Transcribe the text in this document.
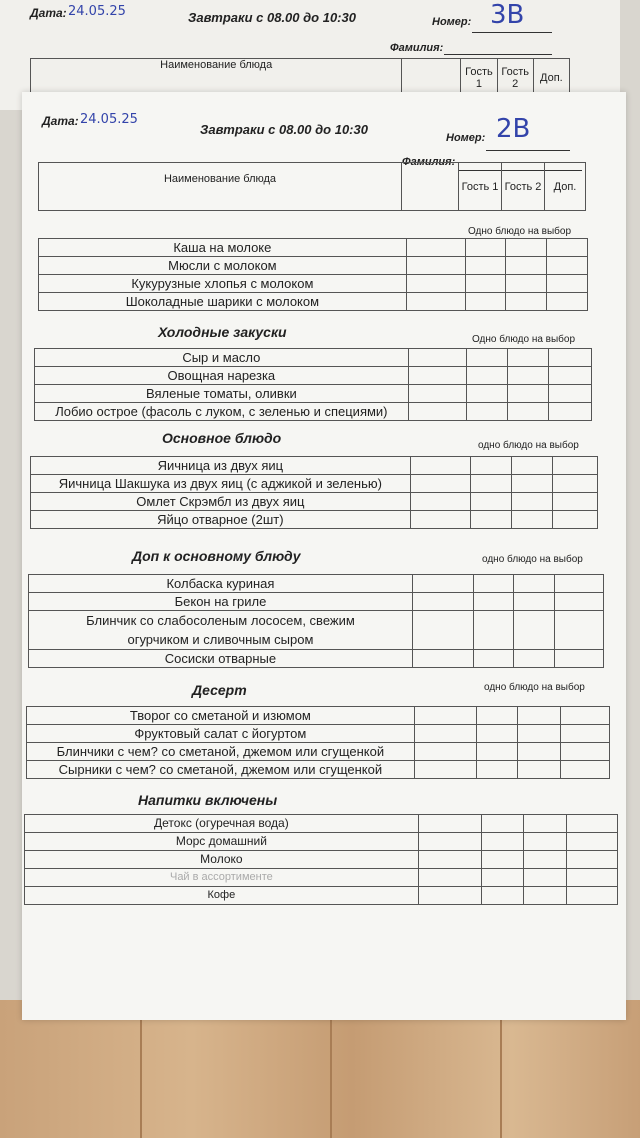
Дата: 24.05.25	Завтраки с 08.00 до 10:30	Номер: 3B
Фамилия:
Наименование блюда		Гость 1	Гость 2	Доп.
Дата: 24.05.25
Завтраки с 08.00 до 10:30
Номер: 2B
Фамилия:
Наименование блюда		Гость 1	Гость 2	Доп.
Одно блюдо на выбор
Каша на молоке				
Мюсли с молоком				
Кукурузные хлопья с молоком				
Шоколадные шарики с молоком				
Холодные закуски	Одно блюдо на выбор
Сыр и масло				
Овощная нарезка				
Вяленые томаты, оливки				
Лобио острое (фасоль с луком, с зеленью и специями)				
Основное блюдо	одно блюдо на выбор
Яичница из двух яиц				
Яичница Шакшука из двух яиц (с аджикой и зеленью)				
Омлет Скрэмбл из двух яиц				
Яйцо отварное (2шт)				
Доп к основному блюду	одно блюдо на выбор
Колбаска куриная				
Бекон на гриле				
Блинчик со слабосоленым лососем, свежим огурчиком и сливочным сыром				
Сосиски отварные				
Десерт	одно блюдо на выбор
Творог со сметаной и изюмом				
Фруктовый салат с йогуртом				
Блинчики с чем? со сметаной, джемом или сгущенкой				
Сырники с чем? со сметаной, джемом или сгущенкой				
Напитки включены
Детокс (огуречная вода)				
Морс домашний				
Молоко				
Чай в ассортименте				
Кофе				
